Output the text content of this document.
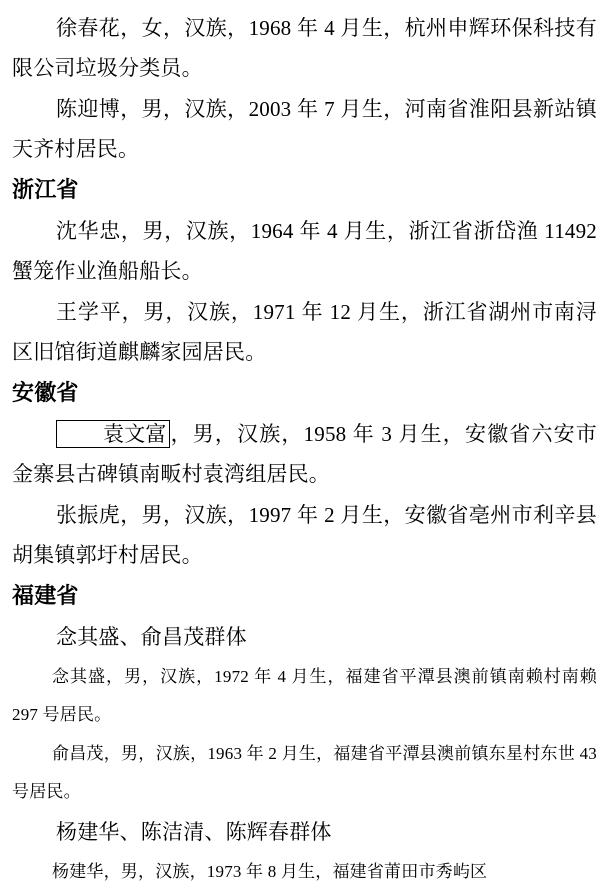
徐春花，女，汉族，1968 年 4 月生，杭州申辉环保科技有限公司垃圾分类员。

陈迎博，男，汉族，2003 年 7 月生，河南省淮阳县新站镇天齐村居民。

浙江省

沈华忠，男，汉族，1964 年 4 月生，浙江省浙岱渔 11492 蟹笼作业渔船船长。

王学平，男，汉族，1971 年 12 月生，浙江省湖州市南浔区旧馆街道麒麟家园居民。

安徽省

袁文富 ，男，汉族，1958 年 3 月生，安徽省六安市金寨县古碑镇南畈村袁湾组居民。

张振虎，男，汉族，1997 年 2 月生，安徽省亳州市利辛县胡集镇郭圩村居民。

福建省

念其盛、俞昌茂群体

念其盛，男，汉族，1972 年 4 月生，福建省平潭县澳前镇南赖村南赖 297 号居民。

俞昌茂，男，汉族，1963 年 2 月生，福建省平潭县澳前镇东星村东世 43 号居民。

杨建华、陈洁清、陈辉春群体

杨建华，男，汉族，1973 年 8 月生，福建省莆田市秀屿区
